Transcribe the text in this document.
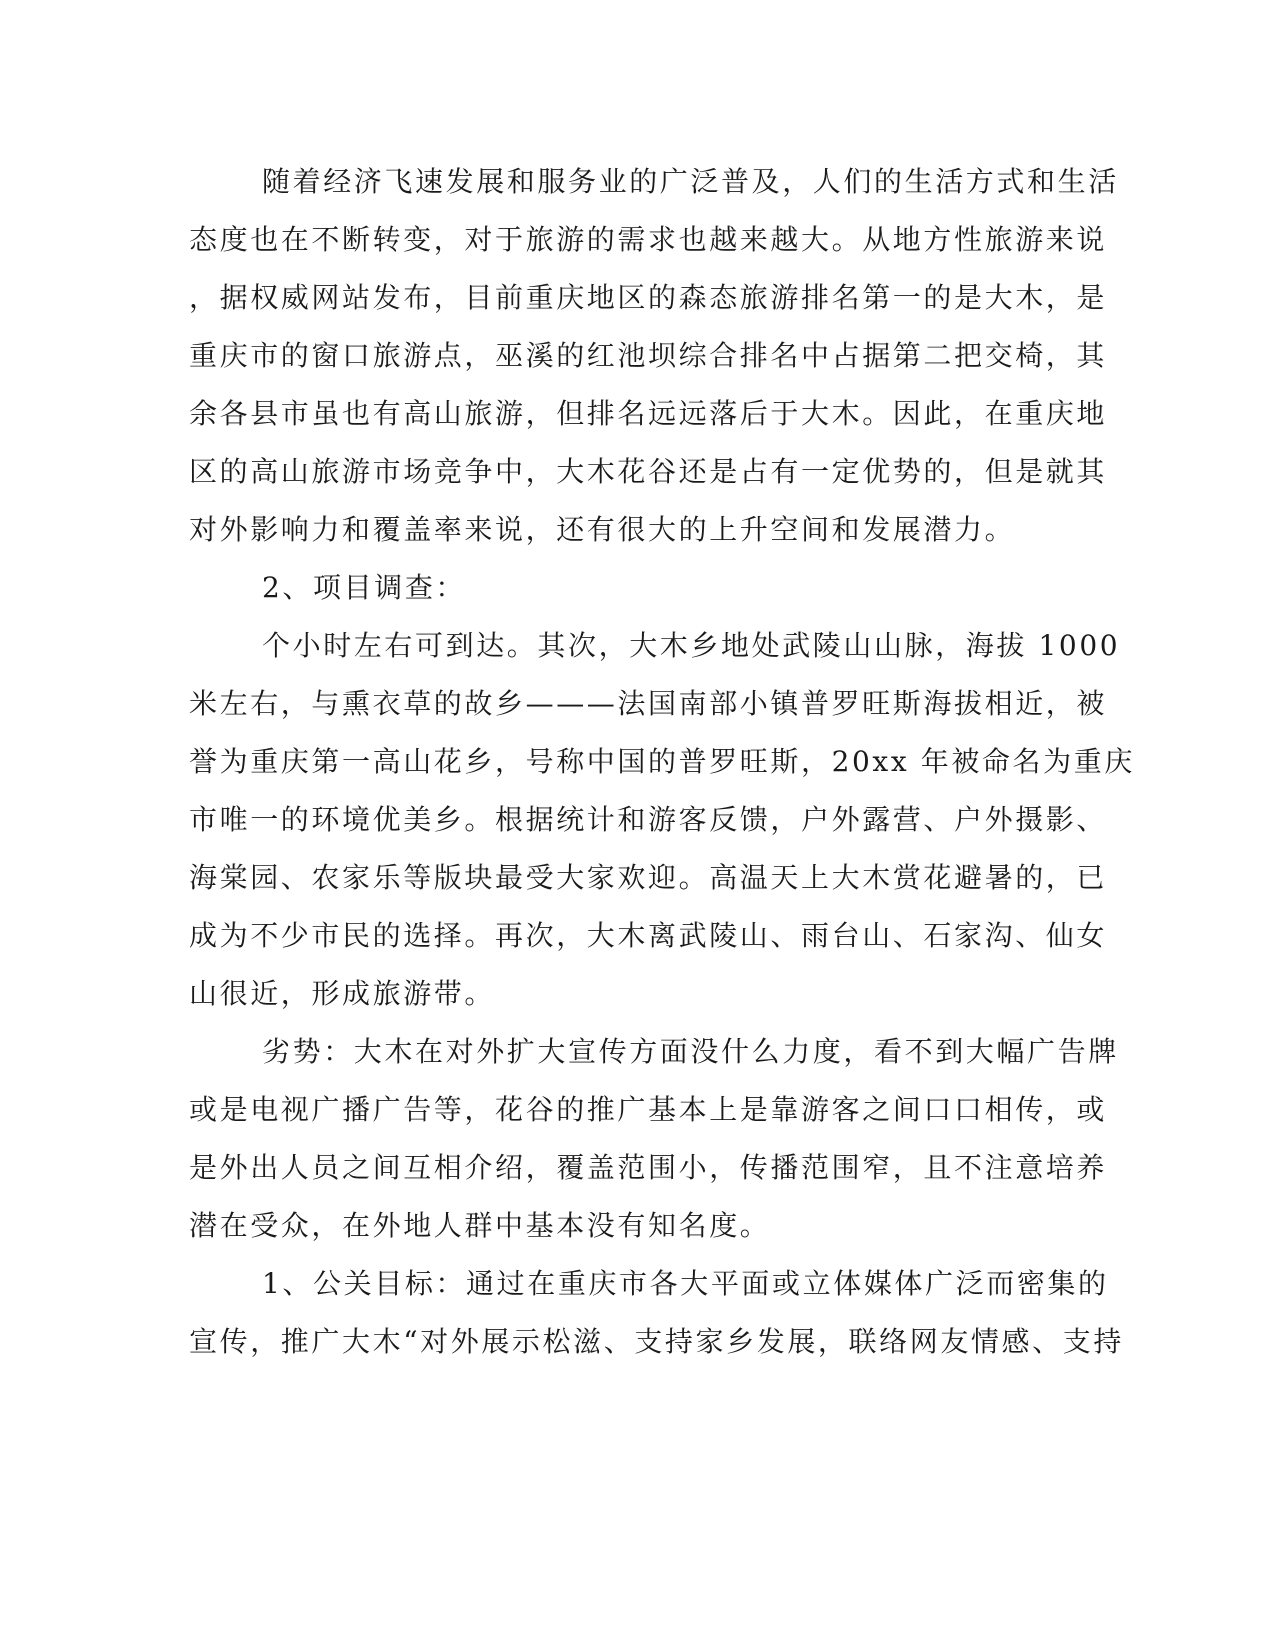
随着经济飞速发展和服务业的广泛普及，人们的生活方式和生活
态度也在不断转变，对于旅游的需求也越来越大。从地方性旅游来说
，据权威网站发布，目前重庆地区的森态旅游排名第一的是大木，是
重庆市的窗口旅游点，巫溪的红池坝综合排名中占据第二把交椅，其
余各县市虽也有高山旅游，但排名远远落后于大木。因此，在重庆地
区的高山旅游市场竞争中，大木花谷还是占有一定优势的，但是就其
对外影响力和覆盖率来说，还有很大的上升空间和发展潜力。
2、项目调查：
个小时左右可到达。其次，大木乡地处武陵山山脉，海拔 1000
米左右，与熏衣草的故乡———法国南部小镇普罗旺斯海拔相近，被
誉为重庆第一高山花乡，号称中国的普罗旺斯，20xx 年被命名为重庆
市唯一的环境优美乡。根据统计和游客反馈，户外露营、户外摄影、
海棠园、农家乐等版块最受大家欢迎。高温天上大木赏花避暑的，已
成为不少市民的选择。再次，大木离武陵山、雨台山、石家沟、仙女
山很近，形成旅游带。
劣势：大木在对外扩大宣传方面没什么力度，看不到大幅广告牌
或是电视广播广告等，花谷的推广基本上是靠游客之间口口相传，或
是外出人员之间互相介绍，覆盖范围小，传播范围窄，且不注意培养
潜在受众，在外地人群中基本没有知名度。
1、公关目标：通过在重庆市各大平面或立体媒体广泛而密集的
宣传，推广大木“对外展示松滋、支持家乡发展，联络网友情感、支持
